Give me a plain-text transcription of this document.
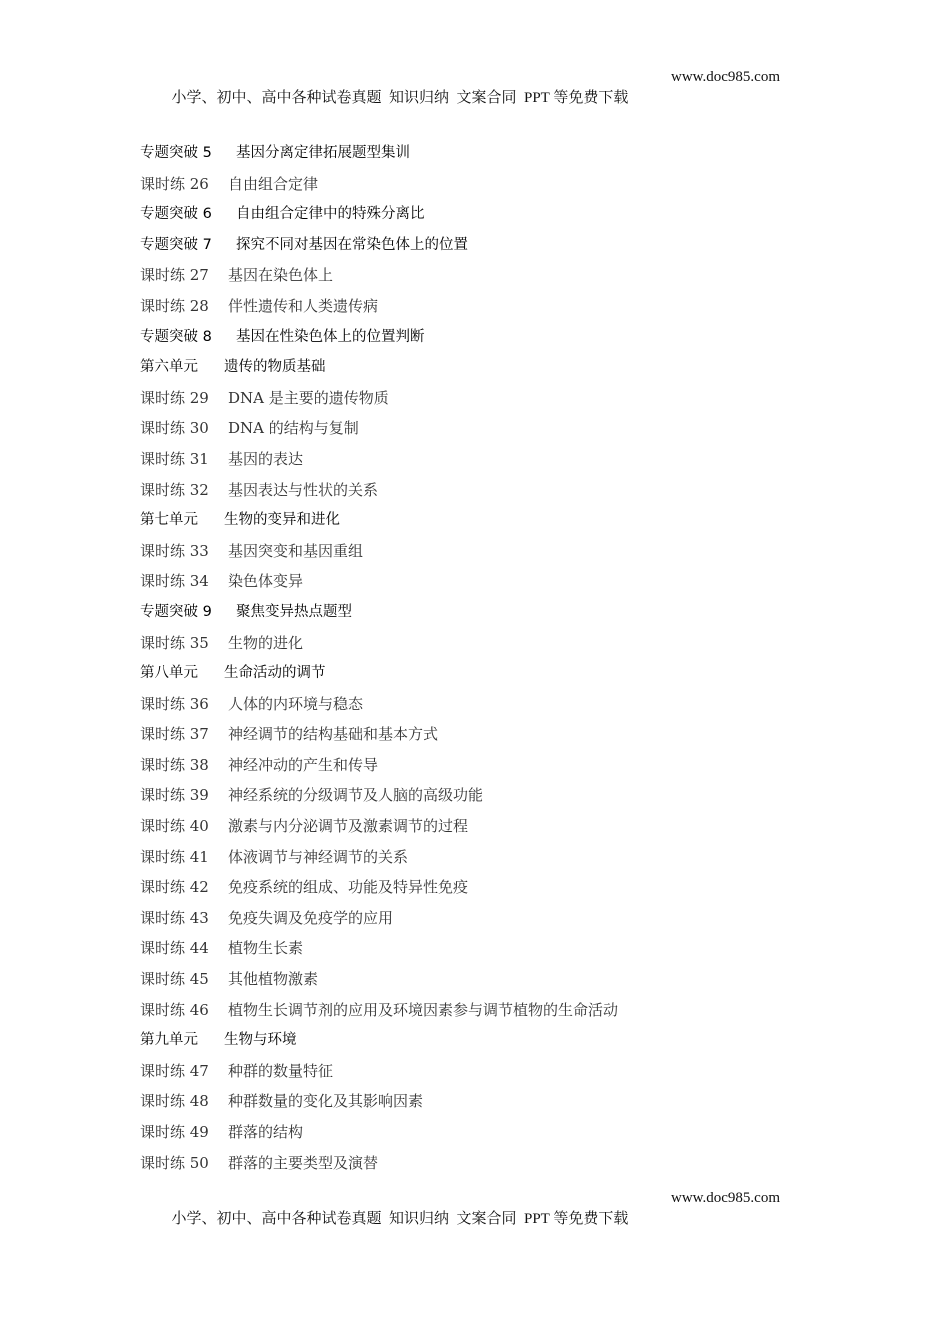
小学、初中、高中各种试卷真题  知识归纳  文案合同  PPT 等免费下载

www.doc985.com

专题突破 5 基因分离定律拓展题型集训
课时练 26 自由组合定律
专题突破 6 自由组合定律中的特殊分离比
专题突破 7 探究不同对基因在常染色体上的位置
课时练 27 基因在染色体上
课时练 28 伴性遗传和人类遗传病
专题突破 8 基因在性染色体上的位置判断
第六单元 遗传的物质基础
课时练 29 DNA 是主要的遗传物质
课时练 30 DNA 的结构与复制
课时练 31 基因的表达
课时练 32 基因表达与性状的关系
第七单元 生物的变异和进化
课时练 33 基因突变和基因重组
课时练 34 染色体变异
专题突破 9 聚焦变异热点题型
课时练 35 生物的进化
第八单元 生命活动的调节
课时练 36 人体的内环境与稳态
课时练 37 神经调节的结构基础和基本方式
课时练 38 神经冲动的产生和传导
课时练 39 神经系统的分级调节及人脑的高级功能
课时练 40 激素与内分泌调节及激素调节的过程
课时练 41 体液调节与神经调节的关系
课时练 42 免疫系统的组成、功能及特异性免疫
课时练 43 免疫失调及免疫学的应用
课时练 44 植物生长素
课时练 45 其他植物激素
课时练 46 植物生长调节剂的应用及环境因素参与调节植物的生命活动
第九单元 生物与环境
课时练 47 种群的数量特征
课时练 48 种群数量的变化及其影响因素
课时练 49 群落的结构
课时练 50 群落的主要类型及演替

小学、初中、高中各种试卷真题  知识归纳  文案合同  PPT 等免费下载

www.doc985.com
